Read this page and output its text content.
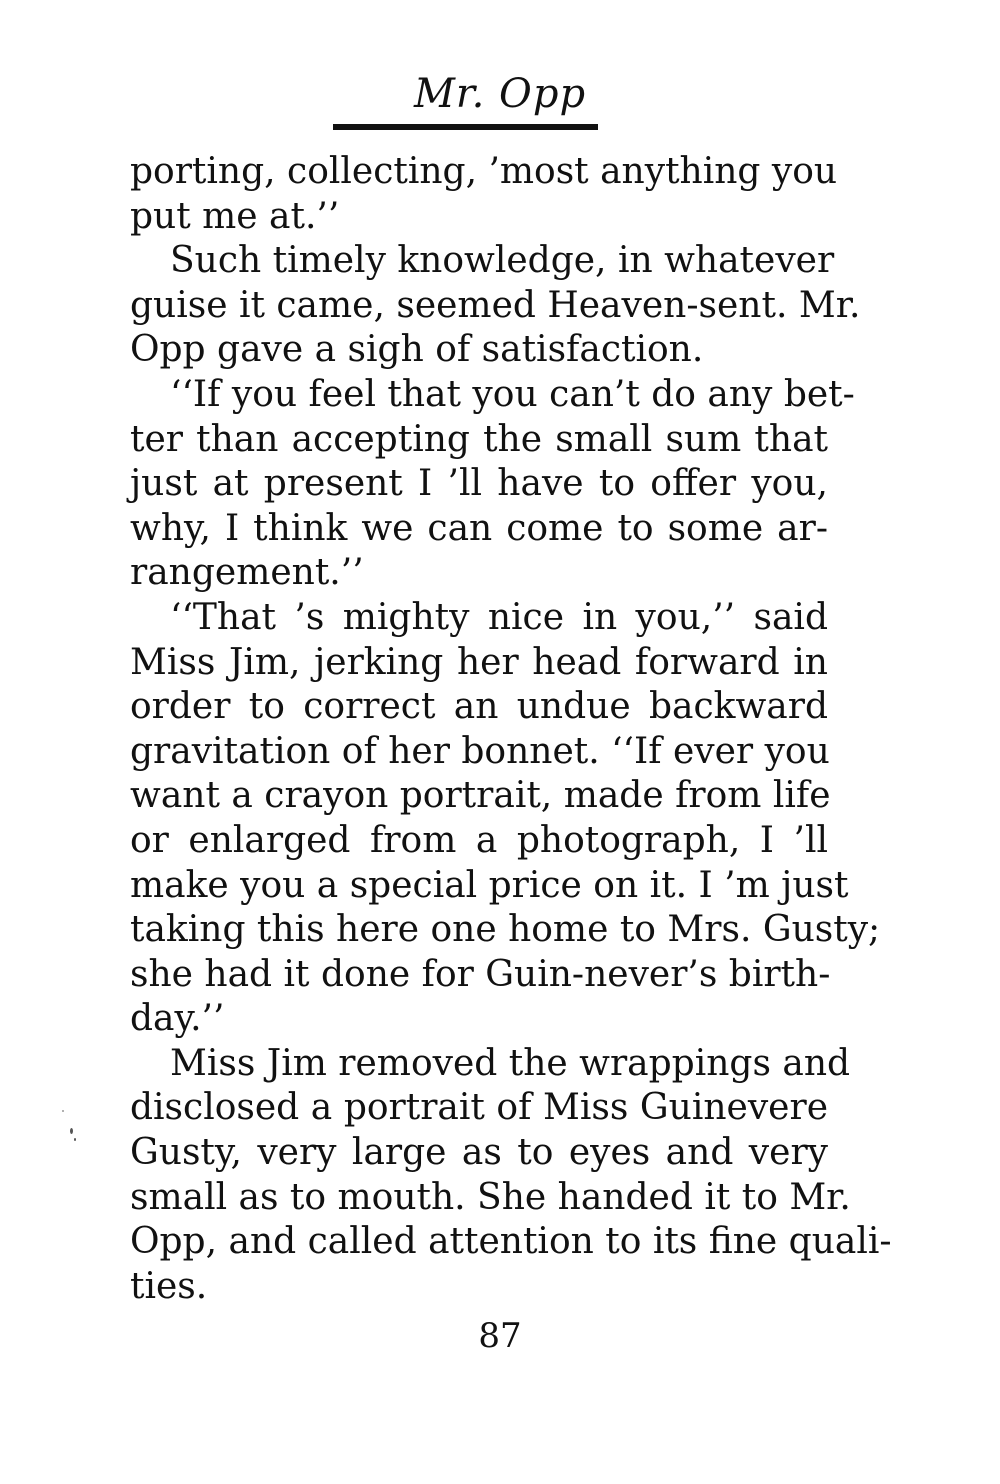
Mr. Opp
porting, collecting, ’most anything you
put me at.’’
Such timely knowledge, in whatever
guise it came, seemed Heaven-sent. Mr.
Opp gave a sigh of satisfaction.
‘‘If you feel that you can’t do any bet-
ter than accepting the small sum that
just at present I ’ll have to offer you,
why, I think we can come to some ar-
rangement.’’
‘‘That ’s mighty nice in you,’’ said
Miss Jim, jerking her head forward in
order to correct an undue backward
gravitation of her bonnet. ‘‘If ever you
want a crayon portrait, made from life
or enlarged from a photograph, I ’ll
make you a special price on it. I ’m just
taking this here one home to Mrs. Gusty;
she had it done for Guin-never’s birth-
day.’’
Miss Jim removed the wrappings and
disclosed a portrait of Miss Guinevere
Gusty, very large as to eyes and very
small as to mouth. She handed it to Mr.
Opp, and called attention to its fine quali-
ties.
87
